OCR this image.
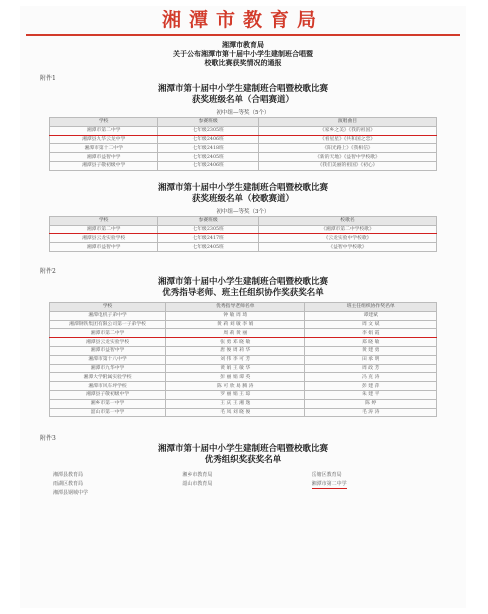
湘潭市教育局
湘潭市教育局
关于公布湘潭市第十届中小学生建制班合唱暨
校歌比赛获奖情况的通报
附件1
湘潭市第十届中小学生建制班合唱暨校歌比赛
获奖班级名单（合唱赛道）
初中组—等奖（5个）
学校	参赛班级	演唱曲目
湘潭市第二中学	七年级2305班	《家乡之美》《我的祖国》
湘潭县九华云龙中学	七年级2406班	《看星星》《共和国之恋》
湘潭市第十二中学	七年级2418班	《阳光路上》《我相信》
湘潭市益智中学	七年级2405班	《新的天地》《益智中学校歌》
湘潭县子敬初级中学	七年级2406班	《我们美丽的祖国》《初心》
湘潭市第十届中小学生建制班合唱暨校歌比赛
获奖班级名单（校歌赛道）
初中组—等奖（3个）
学校	参赛班级	校歌名
湘潭市第二中学	七年级2305班	《湘潭市第二中学校歌》
湘潭县云龙实验学校	七年级2417班	《云龙实验中学校歌》
湘潭市益智中学	七年级2405班	《益智中学校歌》
附件2
湘潭市第十届中小学生建制班合唱暨校歌比赛
优秀指导老师、班主任组织协作奖获奖名单
学校	优秀指导老师名单	班主任组织协作奖名单
湘潭电机子弟中学	钟 敏 周 琦	谭建斌
湘潭钢铁集团有限公司第一子弟学校	黄 莉 刘 敏 李 娟	周 文 斌
湘潭市第二中学	周 莉 黄 丽	李 娟 霞
湘潭县云龙实验学校	张 勇 邓 晓 敏	郑 晓 敏
湘潭市益智中学	唐 俊 周 莉 华	黄 建 勇
湘潭市第十八中学	刘 伟 李 可 芳	田 承 明
湘潭市九华中学	黄 娟 王 敏 华	周 政 芳
湘潭大学附属实验学校	彭 丽 娟 谭 英	冯 克 涛
湘潭市风车坪学校	陈 可 欣 易 腾 涛	彭 建 萍
湘潭县子敬初级中学	罗 丽 娟 王 琼	朱 建 平
湘乡市第一中学	王 庆 王 湘 逸	陈 婷
韶山市第一中学	毛 凤 刘 晓 俊	毛 涛 涛
附件3
湘潭市第十届中小学生建制班合唱暨校歌比赛
优秀组织奖获奖名单
湘潭县教育局	湘乡市教育局	岳塘区教育局
雨湖区教育局	韶山市教育局	湘潭市第二中学
湘潭县钢城中学
